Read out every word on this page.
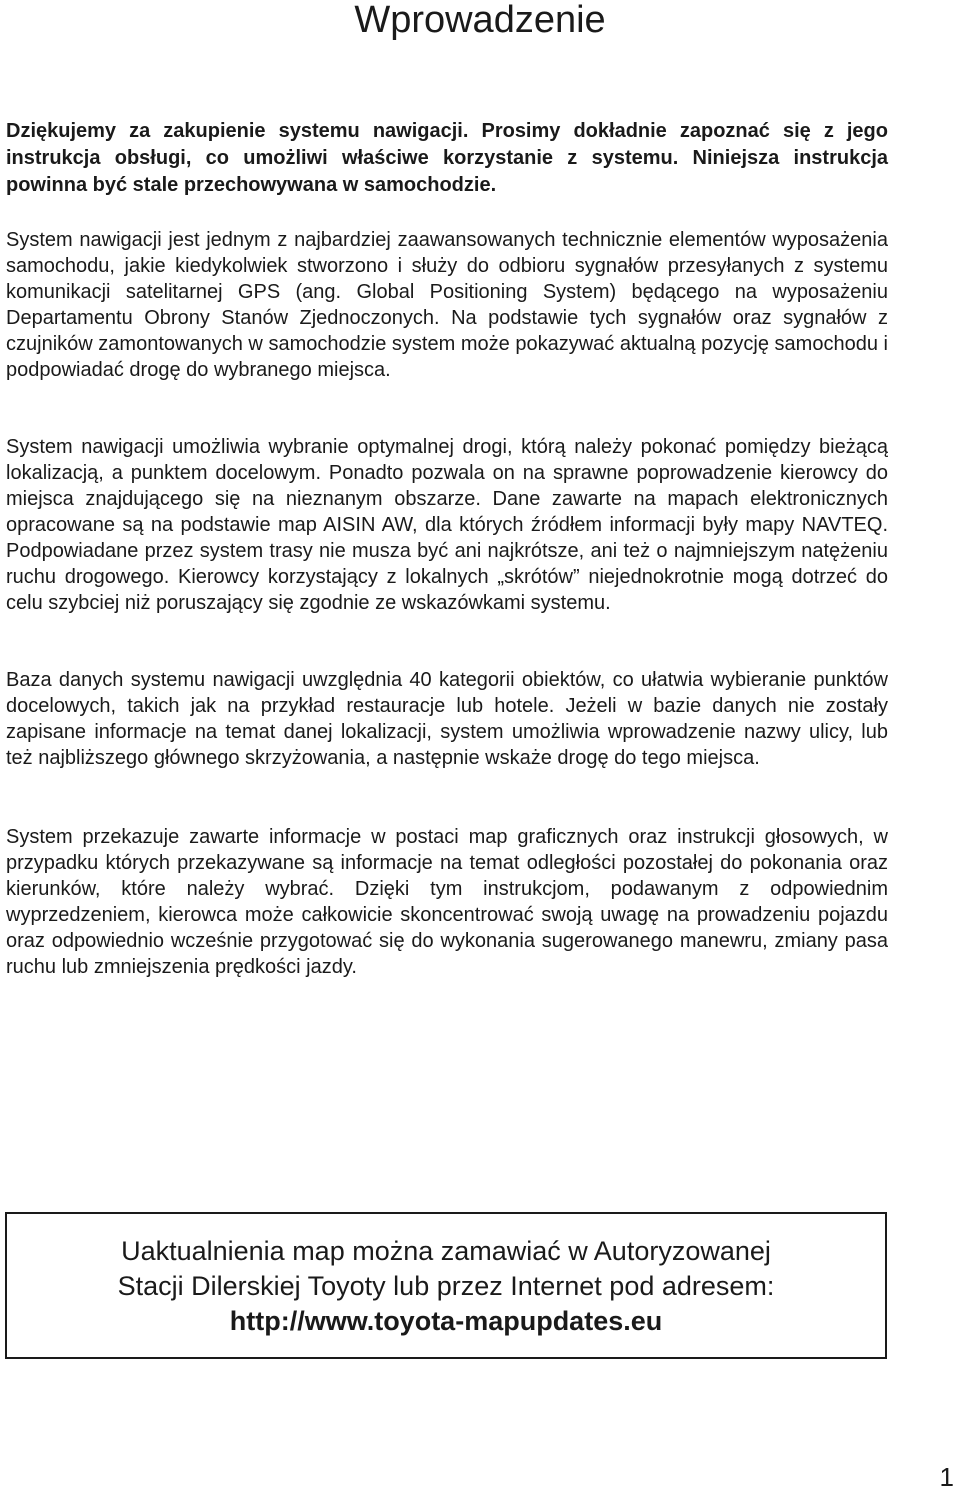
Wprowadzenie

Dziękujemy za zakupienie systemu nawigacji. Prosimy dokładnie zapoznać się z jego instrukcja obsługi, co umożliwi właściwe korzystanie z systemu. Niniejsza instrukcja powinna być stale przechowywana w samochodzie.

System nawigacji jest jednym z najbardziej zaawansowanych technicznie elementów wyposażenia samochodu, jakie kiedykolwiek stworzono i służy do odbioru sygnałów przesyłanych z systemu komunikacji satelitarnej GPS (ang. Global Positioning System) będącego na wyposażeniu Departamentu Obrony Stanów Zjednoczonych. Na podstawie tych sygnałów oraz sygnałów z czujników zamontowanych w samochodzie system może pokazywać aktualną pozycję samochodu i podpowiadać drogę do wybranego miejsca.

System nawigacji umożliwia wybranie optymalnej drogi, którą należy pokonać pomiędzy bieżącą lokalizacją, a punktem docelowym. Ponadto pozwala on na sprawne poprowadzenie kierowcy do miejsca znajdującego się na nieznanym obszarze. Dane zawarte na mapach elektronicznych opracowane są na podstawie map AISIN AW, dla których źródłem informacji były mapy NAVTEQ. Podpowiadane przez system trasy nie musza być ani najkrótsze, ani też o najmniejszym natężeniu ruchu drogowego. Kierowcy korzystający z lokalnych „skrótów” niejednokrotnie mogą dotrzeć do celu szybciej niż poruszający się zgodnie ze wskazówkami systemu.

Baza danych systemu nawigacji uwzględnia 40 kategorii obiektów, co ułatwia wybieranie punktów docelowych, takich jak na przykład restauracje lub hotele. Jeżeli w bazie danych nie zostały zapisane informacje na temat danej lokalizacji, system umożliwia wprowadzenie nazwy ulicy, lub też najbliższego głównego skrzyżowania, a następnie wskaże drogę do tego miejsca.

System przekazuje zawarte informacje w postaci map graficznych oraz instrukcji głosowych, w przypadku których przekazywane są informacje na temat odległości pozostałej do pokonania oraz kierunków, które należy wybrać. Dzięki tym instrukcjom, podawanym z odpowiednim wyprzedzeniem, kierowca może całkowicie skoncentrować swoją uwagę na prowadzeniu pojazdu oraz odpowiednio wcześnie przygotować się do wykonania sugerowanego manewru, zmiany pasa ruchu lub zmniejszenia prędkości jazdy.

Uaktualnienia map można zamawiać w Autoryzowanej
Stacji Dilerskiej Toyoty lub przez Internet pod adresem:
http://www.toyota-mapupdates.eu
1
